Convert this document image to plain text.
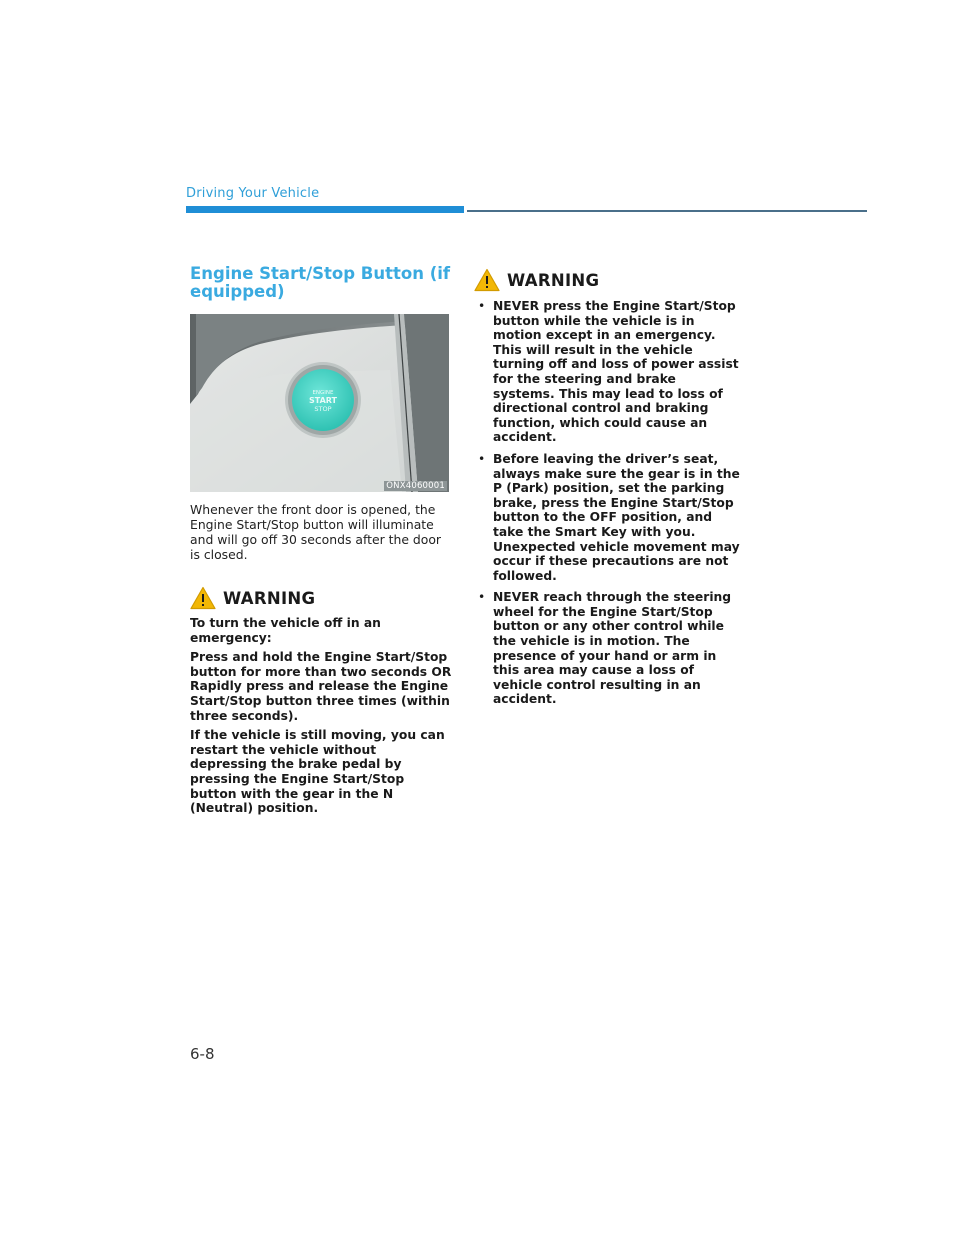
Driving Your Vehicle
Engine Start/Stop Button (if equipped)
ENGINE
START
STOP
ONX4060001

Whenever the front door is opened, the Engine Start/Stop button will illuminate and will go off 30 seconds after the door is closed.

WARNING

To turn the vehicle off in an emergency:

Press and hold the Engine Start/Stop button for more than two seconds OR Rapidly press and release the Engine Start/Stop button three times (within three seconds).

If the vehicle is still moving, you can restart the vehicle without depressing the brake pedal by pressing the Engine Start/Stop button with the gear in the N (Neutral) position.

WARNING
• NEVER press the Engine Start/Stop button while the vehicle is in motion except in an emergency. This will result in the vehicle turning off and loss of power assist for the steering and brake systems. This may lead to loss of directional control and braking function, which could cause an accident.
• Before leaving the driver’s seat, always make sure the gear is in the P (Park) position, set the parking brake, press the Engine Start/Stop button to the OFF position, and take the Smart Key with you. Unexpected vehicle movement may occur if these precautions are not followed.
• NEVER reach through the steering wheel for the Engine Start/Stop button or any other control while the vehicle is in motion. The presence of your hand or arm in this area may cause a loss of vehicle control resulting in an accident.
6-8
